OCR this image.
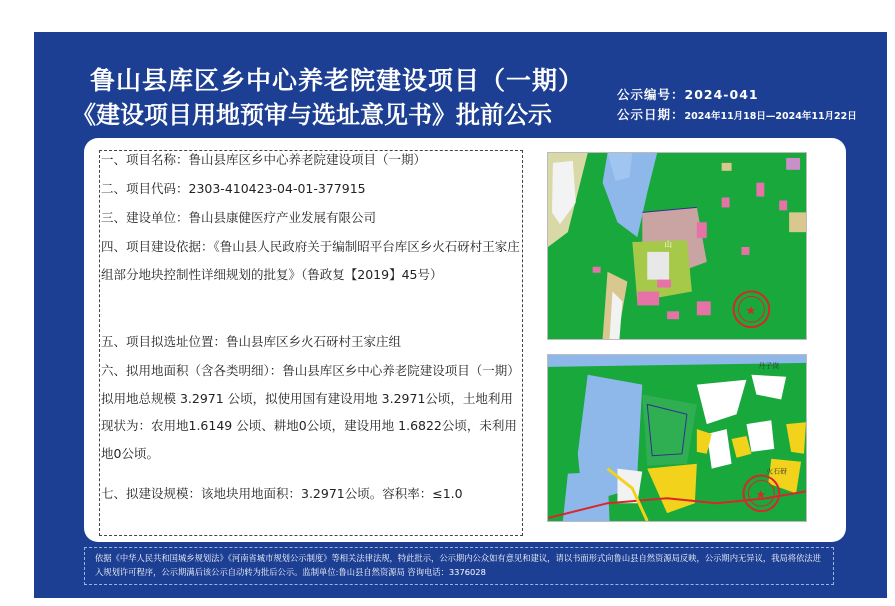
鲁山县库区乡中心养老院建设项目（一期）
《建设项目用地预审与选址意见书》批前公示
公示编号：2024-041
公示日期：2024年11月18日—2024年11月22日

一、项目名称：鲁山县库区乡中心养老院建设项目（一期）

二、项目代码：2303-410423-04-01-377915

三、建设单位：鲁山县康健医疗产业发展有限公司

四、项目建设依据：《鲁山县人民政府关于编制昭平台库区乡火石砑村王家庄组部分地块控制性详细规划的批复》（鲁政复【2019】45号）

五、项目拟选址位置：鲁山县库区乡火石砑村王家庄组

六、拟用地面积（含各类明细）：鲁山县库区乡中心养老院建设项目（一期）拟用地总规模 3.2971 公顷，拟使用国有建设用地 3.2971公顷，土地利用现状为：农用地1.6149 公顷、耕地0公顷，建设用地 1.6822公顷，未利用地0公顷。

七、拟建设规模：该地块用地面积：3.2971公顷。容积率：≤1.0

★
山
★
丹子岗
火石砑
依据《中华人民共和国城乡规划法》《河南省城市规划公示制度》等相关法律法规，特此批示，公示期内公众如有意见和建议，请以书面形式向鲁山县自然资源局反映，公示期内无异议，我局将依法进入规划许可程序，公示期满后该公示自动转为批后公示。监制单位:鲁山县自然资源局 咨询电话：3376028
